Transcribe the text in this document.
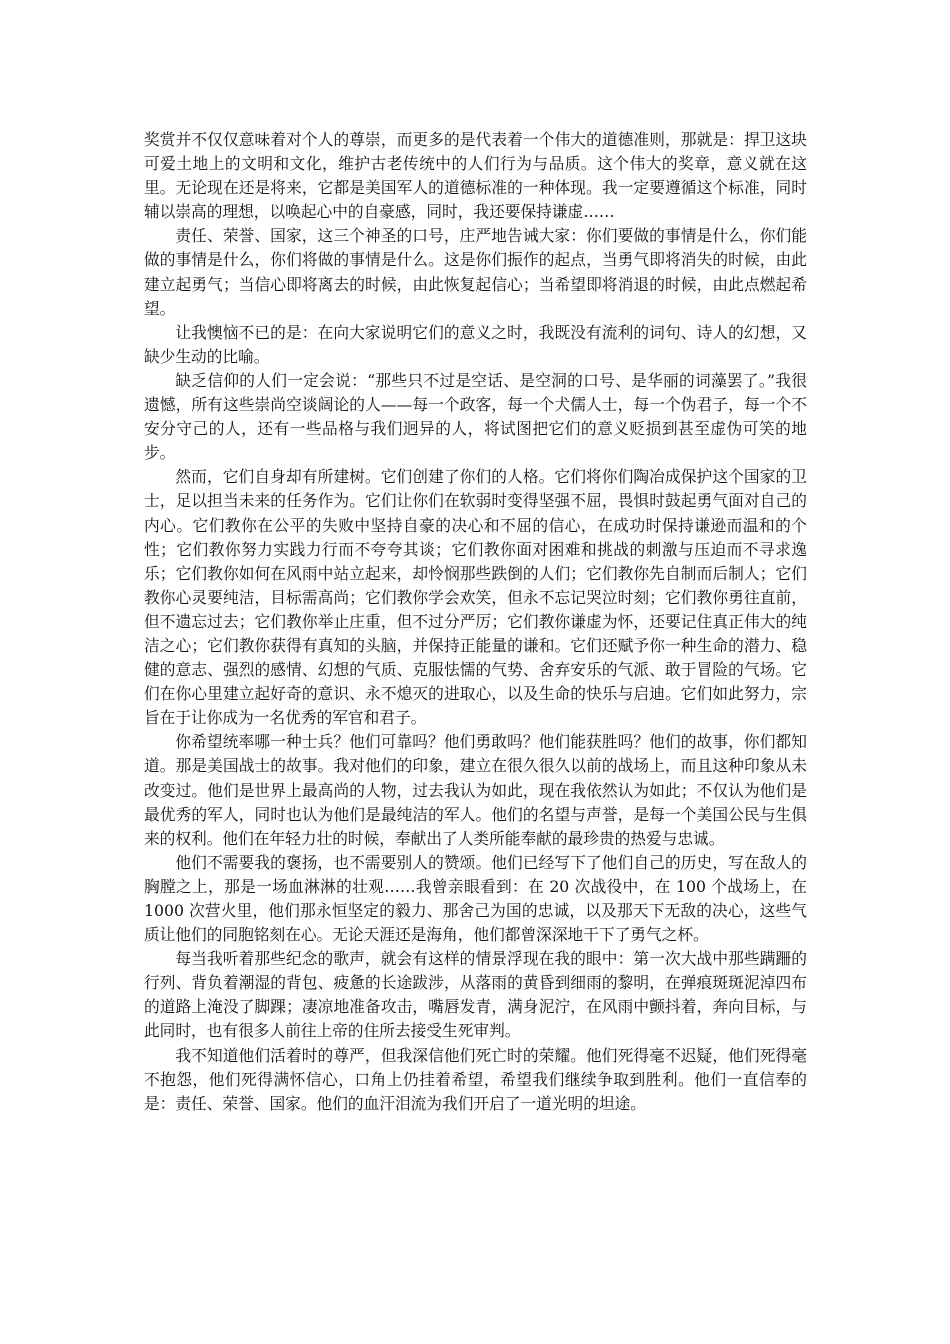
奖赏并不仅仅意味着对个人的尊崇，而更多的是代表着一个伟大的道德准则，那就是：捍卫这块可爱土地上的文明和文化，维护古老传统中的人们行为与品质。这个伟大的奖章，意义就在这里。无论现在还是将来，它都是美国军人的道德标准的一种体现。我一定要遵循这个标准，同时辅以崇高的理想，以唤起心中的自豪感，同时，我还要保持谦虚……

责任、荣誉、国家，这三个神圣的口号，庄严地告诫大家：你们要做的事情是什么，你们能做的事情是什么，你们将做的事情是什么。这是你们振作的起点，当勇气即将消失的时候，由此建立起勇气；当信心即将离去的时候，由此恢复起信心；当希望即将消退的时候，由此点燃起希望。

让我懊恼不已的是：在向大家说明它们的意义之时，我既没有流利的词句、诗人的幻想，又缺少生动的比喻。

缺乏信仰的人们一定会说：“那些只不过是空话、是空洞的口号、是华丽的词藻罢了。”我很遗憾，所有这些崇尚空谈阔论的人——每一个政客，每一个犬儒人士，每一个伪君子，每一个不安分守己的人，还有一些品格与我们迥异的人，将试图把它们的意义贬损到甚至虚伪可笑的地步。

然而，它们自身却有所建树。它们创建了你们的人格。它们将你们陶冶成保护这个国家的卫士，足以担当未来的任务作为。它们让你们在软弱时变得坚强不屈，畏惧时鼓起勇气面对自己的内心。它们教你在公平的失败中坚持自豪的决心和不屈的信心，在成功时保持谦逊而温和的个性；它们教你努力实践力行而不夸夸其谈；它们教你面对困难和挑战的刺激与压迫而不寻求逸乐；它们教你如何在风雨中站立起来，却怜悯那些跌倒的人们；它们教你先自制而后制人；它们教你心灵要纯洁，目标需高尚；它们教你学会欢笑，但永不忘记哭泣时刻；它们教你勇往直前，但不遗忘过去；它们教你举止庄重，但不过分严厉；它们教你谦虚为怀，还要记住真正伟大的纯洁之心；它们教你获得有真知的头脑，并保持正能量的谦和。它们还赋予你一种生命的潜力、稳健的意志、强烈的感情、幻想的气质、克服怯懦的气势、舍弃安乐的气派、敢于冒险的气场。它们在你心里建立起好奇的意识、永不熄灭的进取心，以及生命的快乐与启迪。它们如此努力，宗旨在于让你成为一名优秀的军官和君子。

你希望统率哪一种士兵？他们可靠吗？他们勇敢吗？他们能获胜吗？他们的故事，你们都知道。那是美国战士的故事。我对他们的印象，建立在很久很久以前的战场上，而且这种印象从未改变过。他们是世界上最高尚的人物，过去我认为如此，现在我依然认为如此；不仅认为他们是最优秀的军人，同时也认为他们是最纯洁的军人。他们的名望与声誉，是每一个美国公民与生俱来的权利。他们在年轻力壮的时候，奉献出了人类所能奉献的最珍贵的热爱与忠诚。

他们不需要我的褒扬，也不需要别人的赞颂。他们已经写下了他们自己的历史，写在敌人的胸膛之上，那是一场血淋淋的壮观……我曾亲眼看到：在 20 次战役中，在 100 个战场上，在 1000 次营火里，他们那永恒坚定的毅力、那舍己为国的忠诚，以及那天下无敌的决心，这些气质让他们的同胞铭刻在心。无论天涯还是海角，他们都曾深深地干下了勇气之杯。

每当我听着那些纪念的歌声，就会有这样的情景浮现在我的眼中：第一次大战中那些蹒跚的行列、背负着潮湿的背包、疲惫的长途跋涉，从落雨的黄昏到细雨的黎明，在弹痕斑斑泥淖四布的道路上淹没了脚踝；凄凉地准备攻击，嘴唇发青，满身泥泞，在风雨中颤抖着，奔向目标，与此同时，也有很多人前往上帝的住所去接受生死审判。

我不知道他们活着时的尊严，但我深信他们死亡时的荣耀。他们死得毫不迟疑，他们死得毫不抱怨，他们死得满怀信心，口角上仍挂着希望，希望我们继续争取到胜利。他们一直信奉的是：责任、荣誉、国家。他们的血汗泪流为我们开启了一道光明的坦途。
